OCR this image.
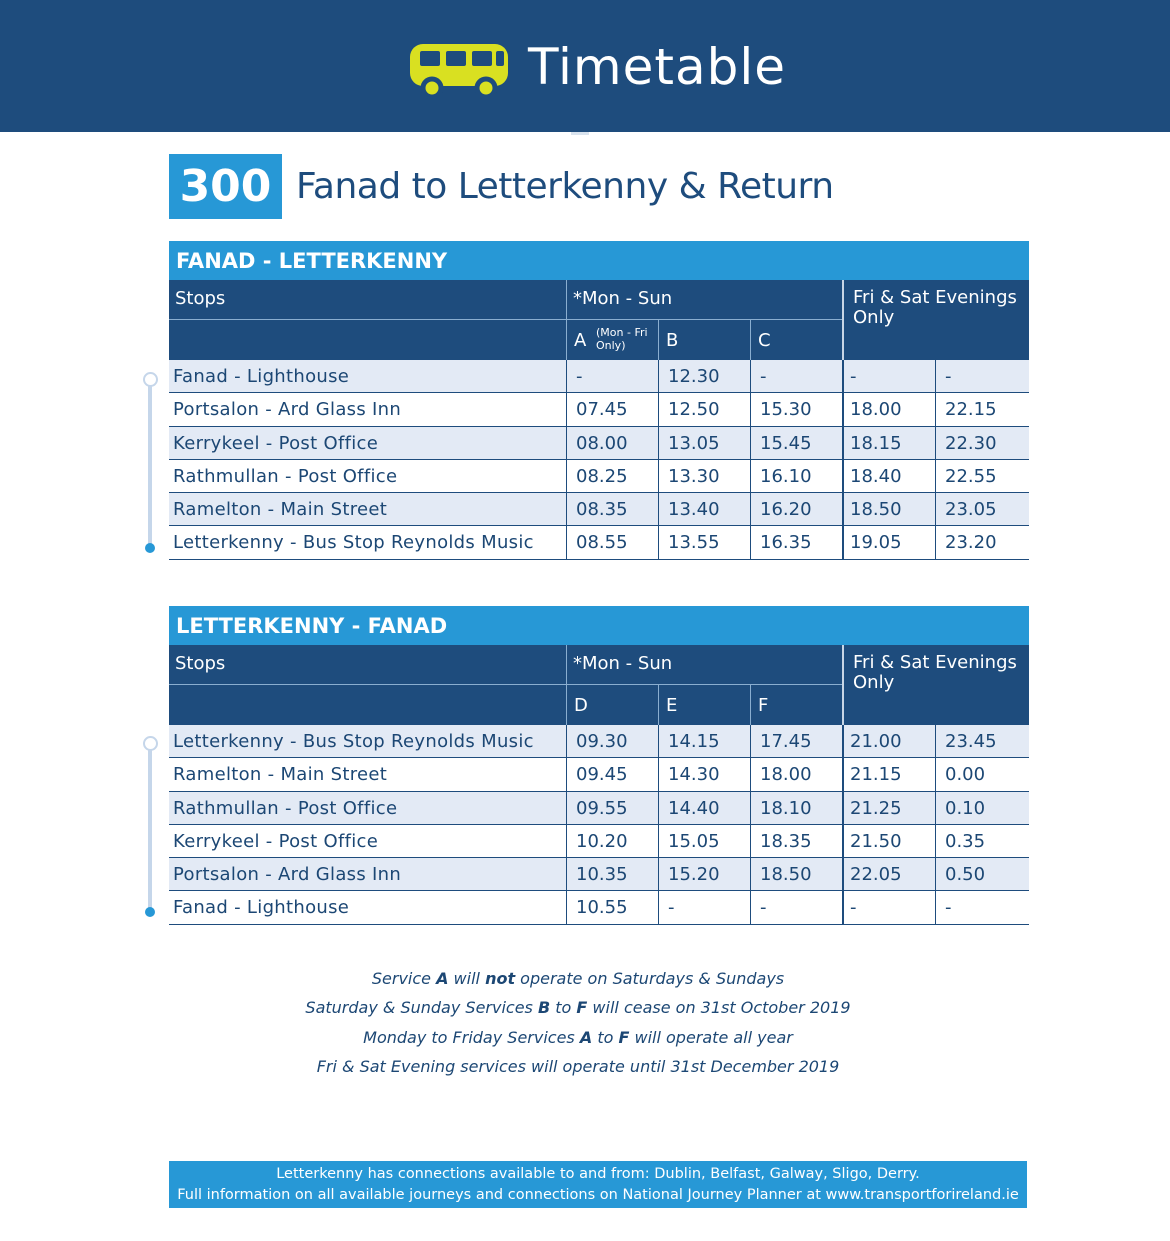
Timetable
300 Fanad to Letterkenny & Return
FANAD - LETTERKENNY
Stops	*Mon - Sun	Fri & Sat Evenings Only
A (Mon - Fri Only)	B	C
Fanad - Lighthouse	-	12.30	-	-	-
Portsalon - Ard Glass Inn	07.45	12.50	15.30	18.00	22.15
Kerrykeel - Post Office	08.00	13.05	15.45	18.15	22.30
Rathmullan - Post Office	08.25	13.30	16.10	18.40	22.55
Ramelton - Main Street	08.35	13.40	16.20	18.50	23.05
Letterkenny - Bus Stop Reynolds Music	08.55	13.55	16.35	19.05	23.20
LETTERKENNY - FANAD
Stops	*Mon - Sun	Fri & Sat Evenings Only
D	E	F
Letterkenny - Bus Stop Reynolds Music	09.30	14.15	17.45	21.00	23.45
Ramelton - Main Street	09.45	14.30	18.00	21.15	0.00
Rathmullan - Post Office	09.55	14.40	18.10	21.25	0.10
Kerrykeel - Post Office	10.20	15.05	18.35	21.50	0.35
Portsalon - Ard Glass Inn	10.35	15.20	18.50	22.05	0.50
Fanad - Lighthouse	10.55	-	-	-	-
Service A will not operate on Saturdays & Sundays
Saturday & Sunday Services B to F will cease on 31st October 2019
Monday to Friday Services A to F will operate all year
Fri & Sat Evening services will operate until 31st December 2019
Letterkenny has connections available to and from: Dublin, Belfast, Galway, Sligo, Derry.
Full information on all available journeys and connections on National Journey Planner at www.transportforireland.ie
